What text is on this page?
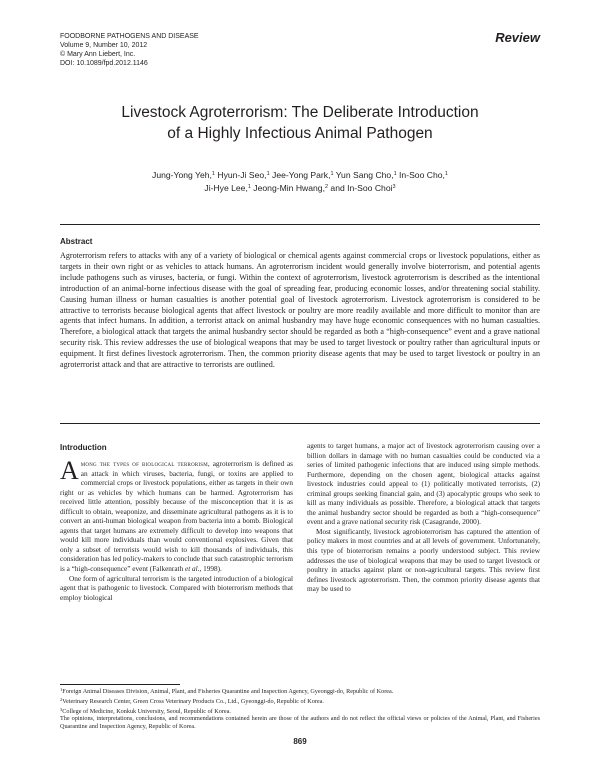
FOODBORNE PATHOGENS AND DISEASE
Volume 9, Number 10, 2012
© Mary Ann Liebert, Inc.
DOI: 10.1089/fpd.2012.1146
Review
Livestock Agroterrorism: The Deliberate Introduction
of a Highly Infectious Animal Pathogen
Jung-Yong Yeh,$^1$ Hyun-Ji Seo,$^1$ Jee-Yong Park,$^1$ Yun Sang Cho,$^1$ In-Soo Cho,$^1$
Ji-Hye Lee,$^1$ Jeong-Min Hwang,$^2$ and In-Soo Choi$^3$
Abstract
Agroterrorism refers to attacks with any of a variety of biological or chemical agents against commercial crops or livestock populations, either as targets in their own right or as vehicles to attack humans. An agroterrorism incident would generally involve bioterrorism, and potential agents include pathogens such as viruses, bacteria, or fungi. Within the context of agroterrorism, livestock agroterrorism is described as the intentional introduction of an animal-borne infectious disease with the goal of spreading fear, producing economic losses, and/or threatening social stability. Causing human illness or human casualties is another potential goal of livestock agroterrorism. Livestock agroterrorism is considered to be attractive to terrorists because biological agents that affect livestock or poultry are more readily available and more difficult to monitor than are agents that infect humans. In addition, a terrorist attack on animal husbandry may have huge economic consequences with no human casualties. Therefore, a biological attack that targets the animal husbandry sector should be regarded as both a “high-consequence” event and a grave national security risk. This review addresses the use of biological weapons that may be used to target livestock or poultry rather than agricultural inputs or equipment. It first defines livestock agroterrorism. Then, the common priority disease agents that may be used to target livestock or poultry in an agroterrorist attack and that are attractive to terrorists are outlined.
Introduction

Among the types of biological terrorism, agroterrorism is defined as an attack in which viruses, bacteria, fungi, or toxins are applied to commercial crops or livestock populations, either as targets in their own right or as vehicles by which humans can be harmed. Agroterrorism has received little attention, possibly because of the misconception that it is as difficult to obtain, weaponize, and disseminate agricultural pathogens as it is to convert an anti-human biological weapon from bacteria into a bomb. Biological agents that target humans are extremely difficult to develop into weapons that would kill more individuals than would conventional explosives. Given that only a subset of terrorists would wish to kill thousands of individuals, this consideration has led policy-makers to conclude that such catastrophic terrorism is a “high-consequence” event (Falkenrath et al., 1998).

One form of agricultural terrorism is the targeted introduction of a biological agent that is pathogenic to livestock. Compared with bioterrorism methods that employ biological

agents to target humans, a major act of livestock agroterrorism causing over a billion dollars in damage with no human casualties could be conducted via a series of limited pathogenic infections that are induced using simple methods. Furthermore, depending on the chosen agent, biological attacks against livestock industries could appeal to (1) politically motivated terrorists, (2) criminal groups seeking financial gain, and (3) apocalyptic groups who seek to kill as many individuals as possible. Therefore, a biological attack that targets the animal husbandry sector should be regarded as both a “high-consequence” event and a grave national security risk (Casagrande, 2000).

Most significantly, livestock agrobioterrorism has captured the attention of policy makers in most countries and at all levels of government. Unfortunately, this type of bioterrorism remains a poorly understood subject. This review addresses the use of biological weapons that may be used to target livestock or poultry in attacks against plant or non-agricultural targets. This review first defines livestock agroterrorism. Then, the common priority disease agents that may be used to

$^1$Foreign Animal Diseases Division, Animal, Plant, and Fisheries Quarantine and Inspection Agency, Gyeonggi-do, Republic of Korea.
$^2$Veterinary Research Center, Green Cross Veterinary Products Co., Ltd., Gyeonggi-do, Republic of Korea.
$^3$College of Medicine, Konkuk University, Seoul, Republic of Korea.
The opinions, interpretations, conclusions, and recommendations contained herein are those of the authors and do not reflect the official views or policies of the Animal, Plant, and Fisheries Quarantine and Inspection Agency, Republic of Korea.
869
